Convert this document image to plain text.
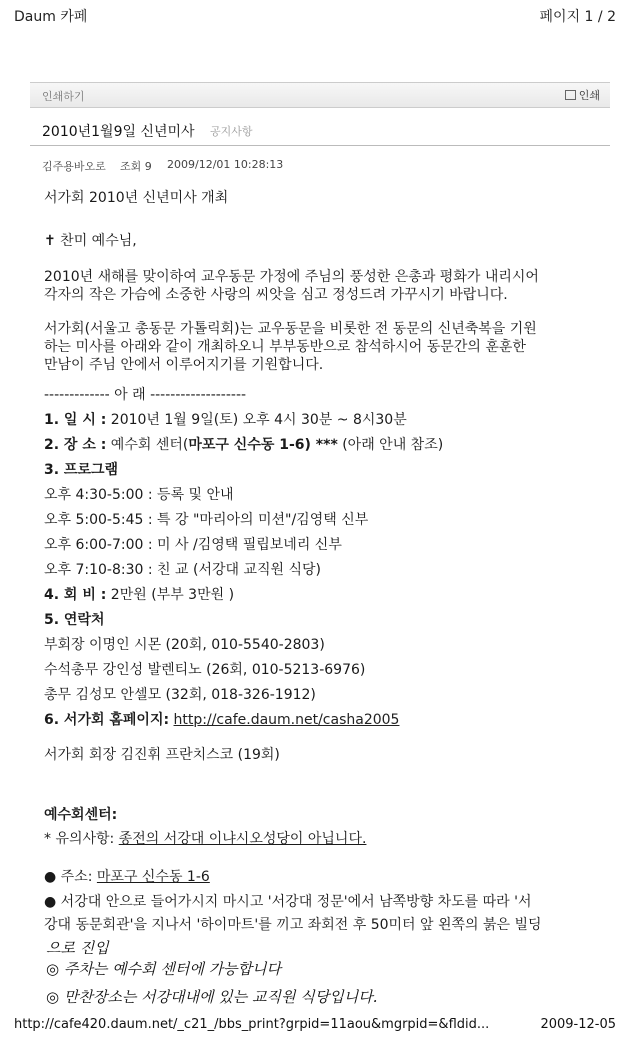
Daum 카페	페이지 1 / 2
인쇄하기	인쇄
2010년1월9일 신년미사 공지사항
김주용바오로 조회 9 2009/12/01 10:28:13
서가회 2010년 신년미사 개최
✝ 찬미 예수님,
2010년 새해를 맞이하여 교우동문 가정에 주님의 풍성한 은총과 평화가 내리시어
각자의 작은 가슴에 소중한 사랑의 씨앗을 심고 정성드려 가꾸시기 바랍니다.
서가회(서울고 총동문 가톨릭회)는 교우동문을 비롯한 전 동문의 신년축복을 기원
하는 미사를 아래와 같이 개최하오니 부부동반으로 참석하시어 동문간의 훈훈한
만남이 주님 안에서 이루어지기를 기원합니다.
------------- 아 래 -------------------
1. 일 시 : 2010년 1월 9일(토) 오후 4시 30분 ~ 8시30분
2. 장 소 : 예수회 센터(마포구 신수동 1-6) *** (아래 안내 참조)
3. 프로그램
오후 4:30-5:00 : 등록 및 안내
오후 5:00-5:45 : 특 강 "마리아의 미션"/김영택 신부
오후 6:00-7:00 : 미 사 /김영택 필립보네리 신부
오후 7:10-8:30 : 친 교 (서강대 교직원 식당)
4. 회 비 : 2만원 (부부 3만원 )
5. 연락처
부회장 이명인 시몬 (20회, 010-5540-2803)
수석총무 강인성 발렌티노 (26회, 010-5213-6976)
총무 김성모 안셀모 (32회, 018-326-1912)
6. 서가회 홈페이지: http://cafe.daum.net/casha2005
서가회 회장 김진휘 프란치스코 (19회)
예수회센터:
* 유의사항: 종전의 서강대 이냐시오성당이 아닙니다.
● 주소: 마포구 신수동 1-6
● 서강대 안으로 들어가시지 마시고 '서강대 정문'에서 남쪽방향 차도를 따라 '서
강대 동문회관'을 지나서 '하이마트'를 끼고 좌회전 후 50미터 앞 왼쪽의 붉은 빌딩
으로 진입
◎ 주차는 예수회 센터에 가능합니다
◎ 만찬장소는 서강대내에 있는 교직원 식당입니다.
http://cafe420.daum.net/_c21_/bbs_print?grpid=11aou&mgrpid=&fldid...	2009-12-05
